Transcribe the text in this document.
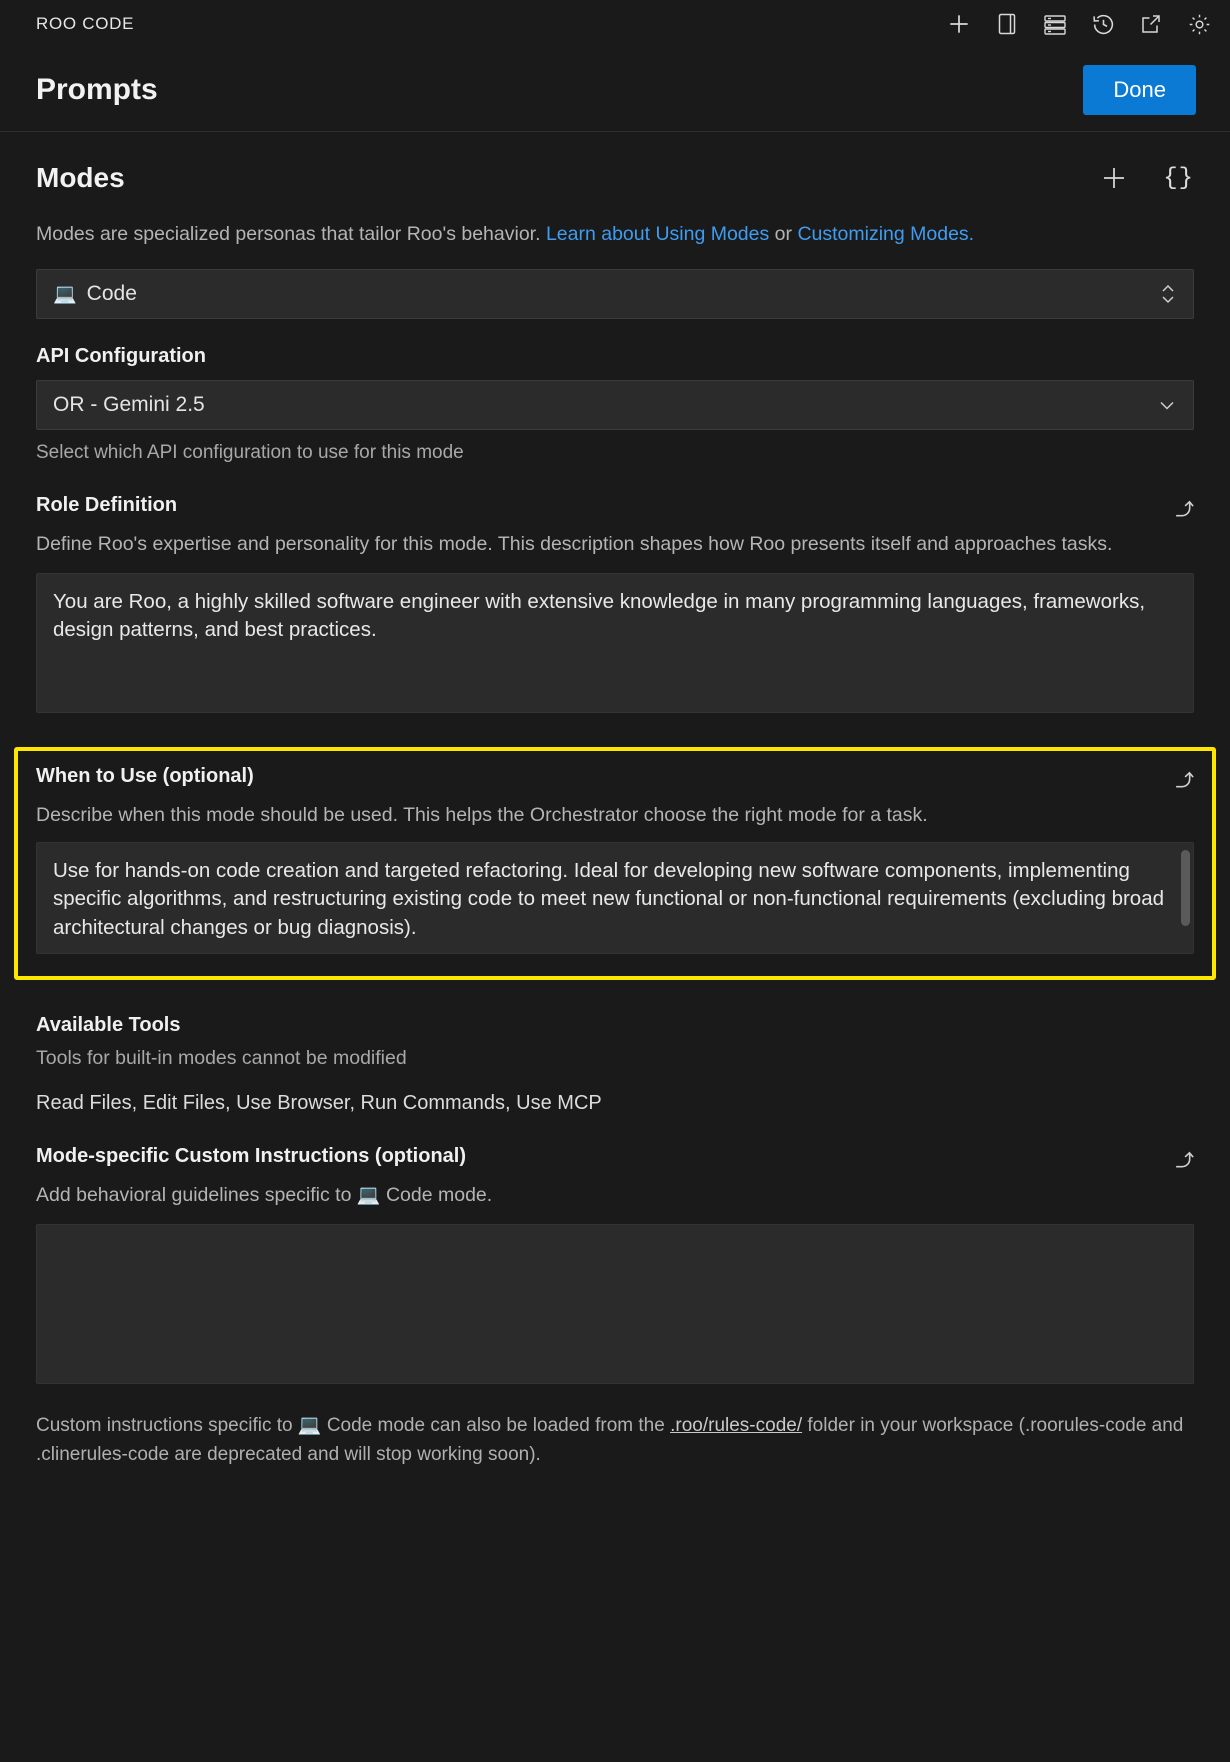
ROO CODE
Prompts	Done
Modes	{}

Modes are specialized personas that tailor Roo's behavior. Learn about Using Modes or Customizing Modes.

💻 Code
API Configuration
OR - Gemini 2.5

Select which API configuration to use for this mode

Role Definition

Define Roo's expertise and personality for this mode. This description shapes how Roo presents itself and approaches tasks.

You are Roo, a highly skilled software engineer with extensive knowledge in many programming languages, frameworks, design patterns, and best practices.
When to Use (optional)

Describe when this mode should be used. This helps the Orchestrator choose the right mode for a task.

Use for hands-on code creation and targeted refactoring. Ideal for developing new software components, implementing specific algorithms, and restructuring existing code to meet new functional or non-functional requirements (excluding broad architectural changes or bug diagnosis).
Available Tools
Tools for built-in modes cannot be modified
Read Files, Edit Files, Use Browser, Run Commands, Use MCP
Mode-specific Custom Instructions (optional)

Add behavioral guidelines specific to 💻 Code mode.

Custom instructions specific to 💻 Code mode can also be loaded from the .roo/rules-code/ folder in your workspace (.roorules-code and .clinerules-code are deprecated and will stop working soon).
